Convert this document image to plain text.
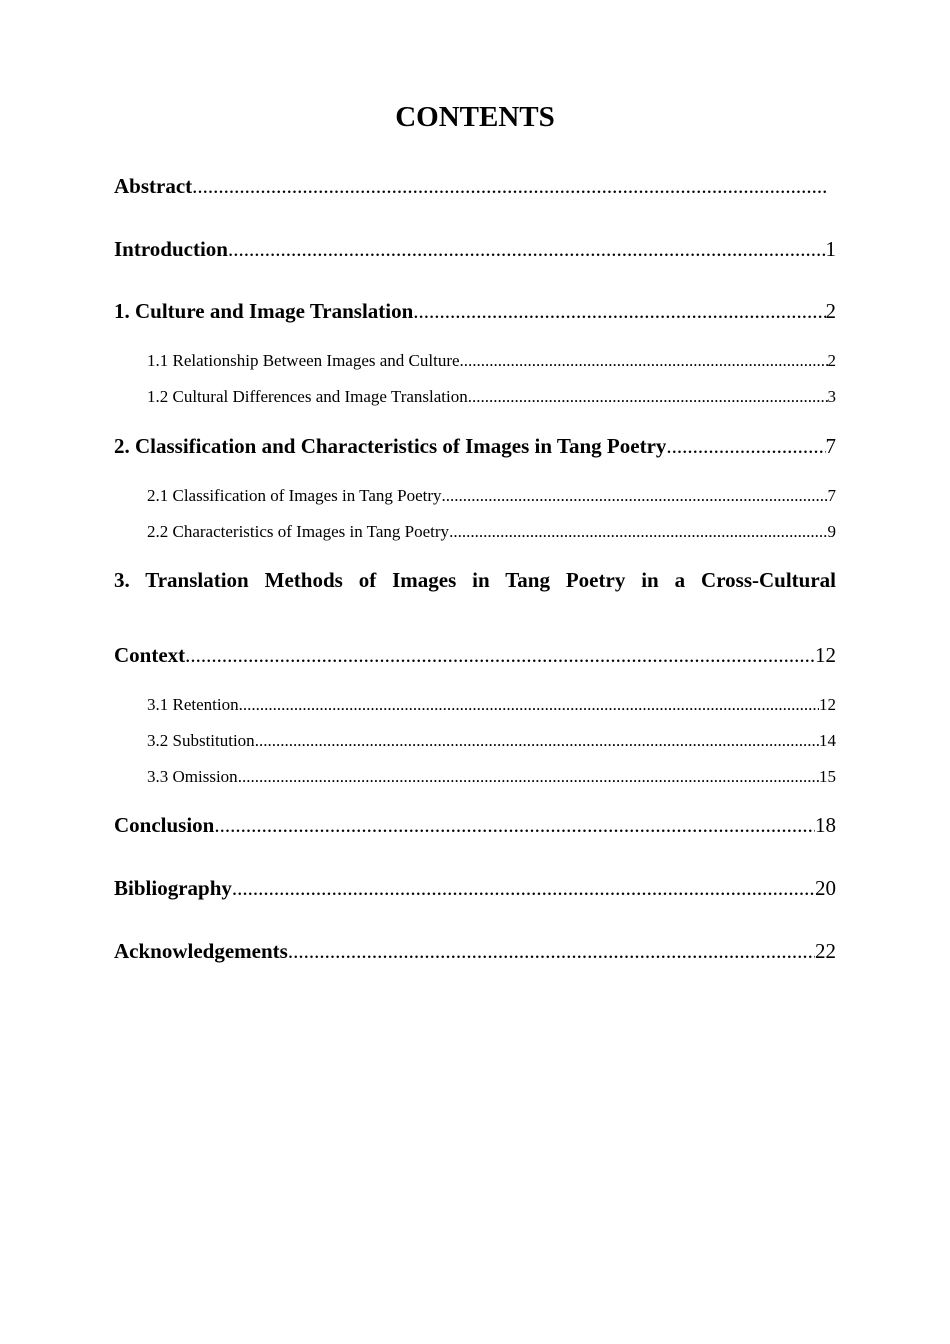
CONTENTS
Abstract
.....
Introduction .....	1
1. Culture and Image Translation .....	2
1.1 Relationship Between Images and Culture .....	2
1.2 Cultural Differences and Image Translation .....	3
2. Classification and Characteristics of Images in Tang Poetry .....	7
2.1 Classification of Images in Tang Poetry .....	7
2.2 Characteristics of Images in Tang Poetry .....	9
3. Translation Methods of Images in Tang Poetry in a Cross-Cultural
Context .....	12
3.1 Retention .....	12
3.2 Substitution .....	14
3.3 Omission .....	15
Conclusion .....	18
Bibliography .....	20
Acknowledgements .....	22
